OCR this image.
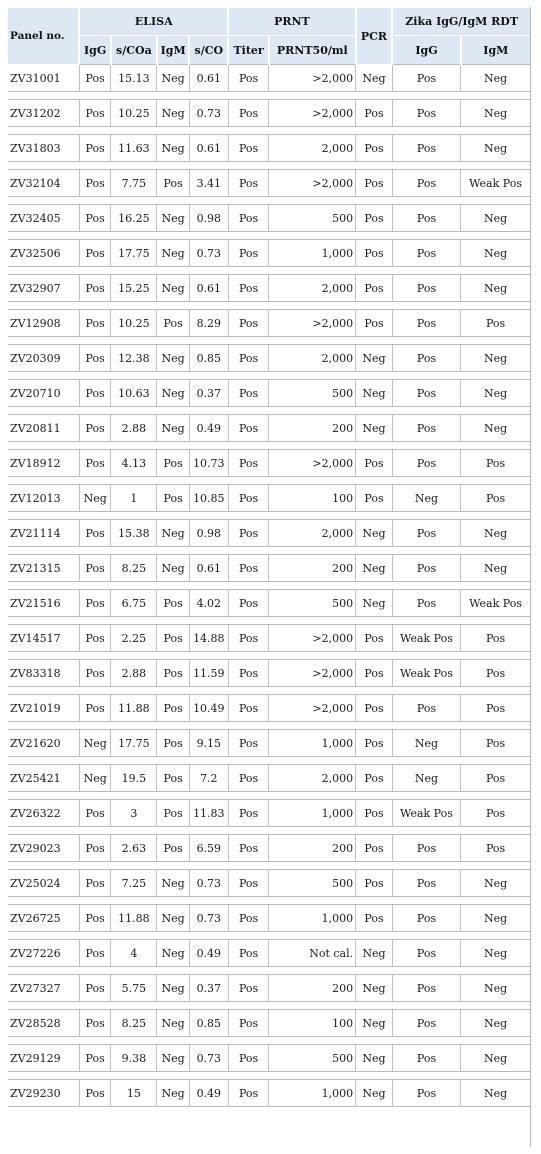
Panel no.	ELISA				PRNT		PCR	Zika IgG/IgM RDT	
	IgG	s/COa	IgM	s/CO	Titer	PRNT50/ml		IgG	IgM
ZV31001	Pos	15.13	Neg	0.61	Pos	>2,000	Neg	Pos	Neg

ZV31202	Pos	10.25	Neg	0.73	Pos	>2,000	Pos	Pos	Neg

ZV31803	Pos	11.63	Neg	0.61	Pos	2,000	Pos	Pos	Neg

ZV32104	Pos	7.75	Pos	3.41	Pos	>2,000	Pos	Pos	Weak Pos

ZV32405	Pos	16.25	Neg	0.98	Pos	500	Pos	Pos	Neg

ZV32506	Pos	17.75	Neg	0.73	Pos	1,000	Pos	Pos	Neg

ZV32907	Pos	15.25	Neg	0.61	Pos	2,000	Pos	Pos	Neg

ZV12908	Pos	10.25	Pos	8.29	Pos	>2,000	Pos	Pos	Pos

ZV20309	Pos	12.38	Neg	0.85	Pos	2,000	Neg	Pos	Neg

ZV20710	Pos	10.63	Neg	0.37	Pos	500	Neg	Pos	Neg

ZV20811	Pos	2.88	Neg	0.49	Pos	200	Neg	Pos	Neg

ZV18912	Pos	4.13	Pos	10.73	Pos	>2,000	Pos	Pos	Pos

ZV12013	Neg	1	Pos	10.85	Pos	100	Pos	Neg	Pos

ZV21114	Pos	15.38	Neg	0.98	Pos	2,000	Neg	Pos	Neg

ZV21315	Pos	8.25	Neg	0.61	Pos	200	Neg	Pos	Neg

ZV21516	Pos	6.75	Pos	4.02	Pos	500	Neg	Pos	Weak Pos

ZV14517	Pos	2.25	Pos	14.88	Pos	>2,000	Pos	Weak Pos	Pos

ZV83318	Pos	2.88	Pos	11.59	Pos	>2,000	Pos	Weak Pos	Pos

ZV21019	Pos	11.88	Pos	10.49	Pos	>2,000	Pos	Pos	Pos

ZV21620	Neg	17.75	Pos	9.15	Pos	1,000	Pos	Neg	Pos

ZV25421	Neg	19.5	Pos	7.2	Pos	2,000	Pos	Neg	Pos

ZV26322	Pos	3	Pos	11.83	Pos	1,000	Pos	Weak Pos	Pos

ZV29023	Pos	2.63	Pos	6.59	Pos	200	Pos	Pos	Pos

ZV25024	Pos	7.25	Neg	0.73	Pos	500	Pos	Pos	Neg

ZV26725	Pos	11.88	Neg	0.73	Pos	1,000	Pos	Pos	Neg

ZV27226	Pos	4	Neg	0.49	Pos	Not cal.	Neg	Pos	Neg

ZV27327	Pos	5.75	Neg	0.37	Pos	200	Neg	Pos	Neg

ZV28528	Pos	8.25	Neg	0.85	Pos	100	Neg	Pos	Neg

ZV29129	Pos	9.38	Neg	0.73	Pos	500	Neg	Pos	Neg

ZV29230	Pos	15	Neg	0.49	Pos	1,000	Neg	Pos	Neg
